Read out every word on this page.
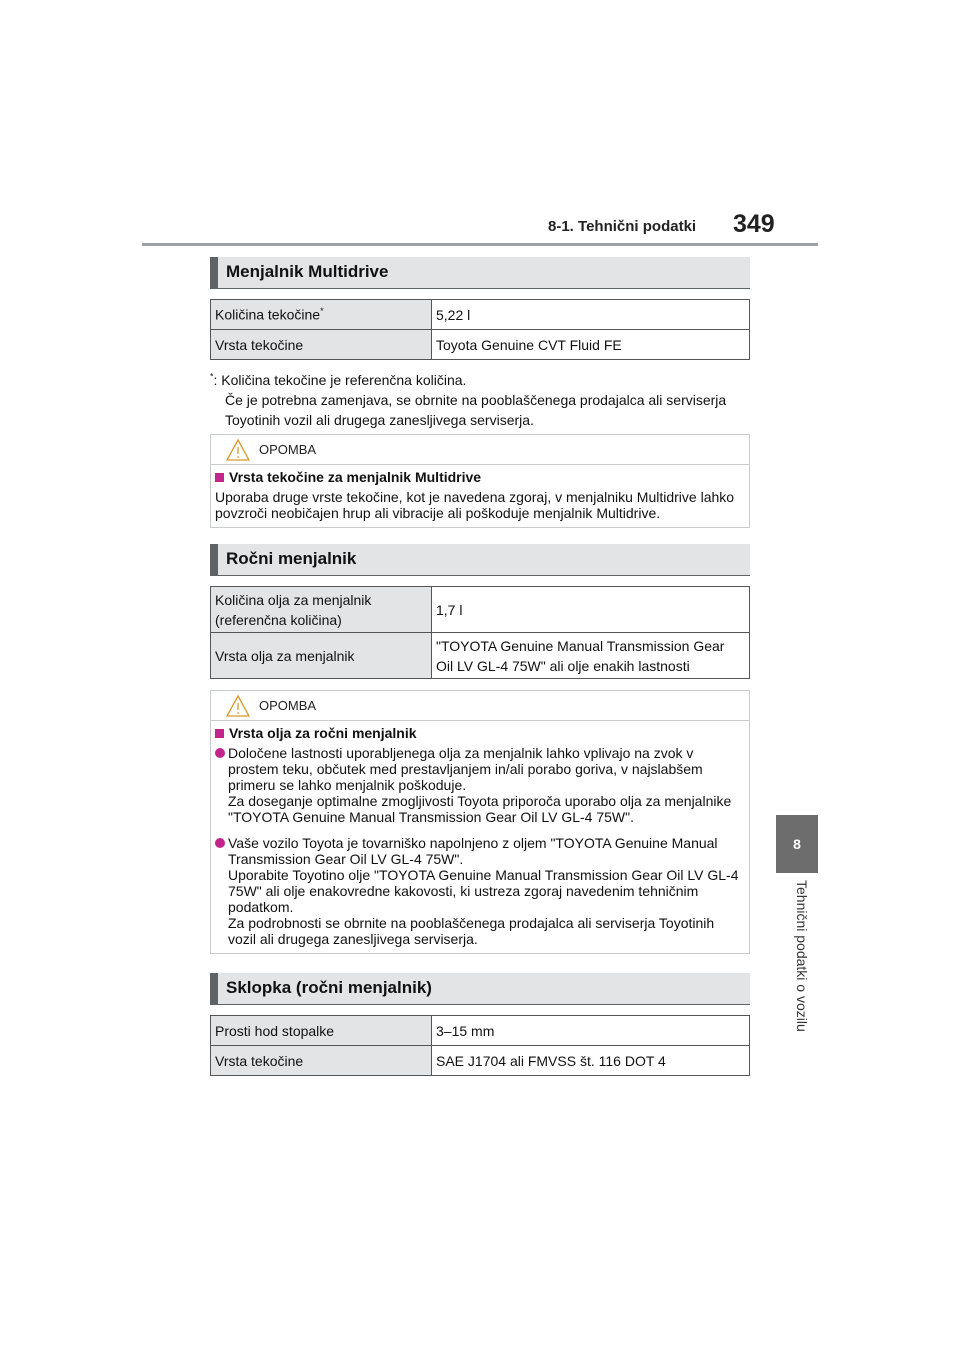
8-1. Tehnični podatki 349
8
Tehnični podatki o vozilu
Menjalnik Multidrive
Količina tekočine*	5,22 l
Vrsta tekočine	Toyota Genuine CVT Fluid FE
*: Količina tekočine je referenčna količina.
Če je potrebna zamenjava, se obrnite na pooblaščenega prodajalca ali serviserja Toyotinih vozil ali drugega zanesljivega serviserja.
OPOMBA
Vrsta tekočine za menjalnik Multidrive
Uporaba druge vrste tekočine, kot je navedena zgoraj, v menjalniku Multidrive lahko povzroči neobičajen hrup ali vibracije ali poškoduje menjalnik Multidrive.
Ročni menjalnik
Količina olja za menjalnik
(referenčna količina)	1,7 l
Vrsta olja za menjalnik	"TOYOTA Genuine Manual Transmission Gear
Oil LV GL-4 75W" ali olje enakih lastnosti
OPOMBA
Vrsta olja za ročni menjalnik
Določene lastnosti uporabljenega olja za menjalnik lahko vplivajo na zvok v prostem teku, občutek med prestavljanjem in/ali porabo goriva, v najslabšem primeru se lahko menjalnik poškoduje.
Za doseganje optimalne zmogljivosti Toyota priporoča uporabo olja za menjalnike "TOYOTA Genuine Manual Transmission Gear Oil LV GL-4 75W".
Vaše vozilo Toyota je tovarniško napolnjeno z oljem "TOYOTA Genuine Manual Transmission Gear Oil LV GL-4 75W".
Uporabite Toyotino olje "TOYOTA Genuine Manual Transmission Gear Oil LV GL-4 75W" ali olje enakovredne kakovosti, ki ustreza zgoraj navedenim tehničnim podatkom.
Za podrobnosti se obrnite na pooblaščenega prodajalca ali serviserja Toyotinih vozil ali drugega zanesljivega serviserja.
Sklopka (ročni menjalnik)
Prosti hod stopalke	3–15 mm
Vrsta tekočine	SAE J1704 ali FMVSS št. 116 DOT 4
